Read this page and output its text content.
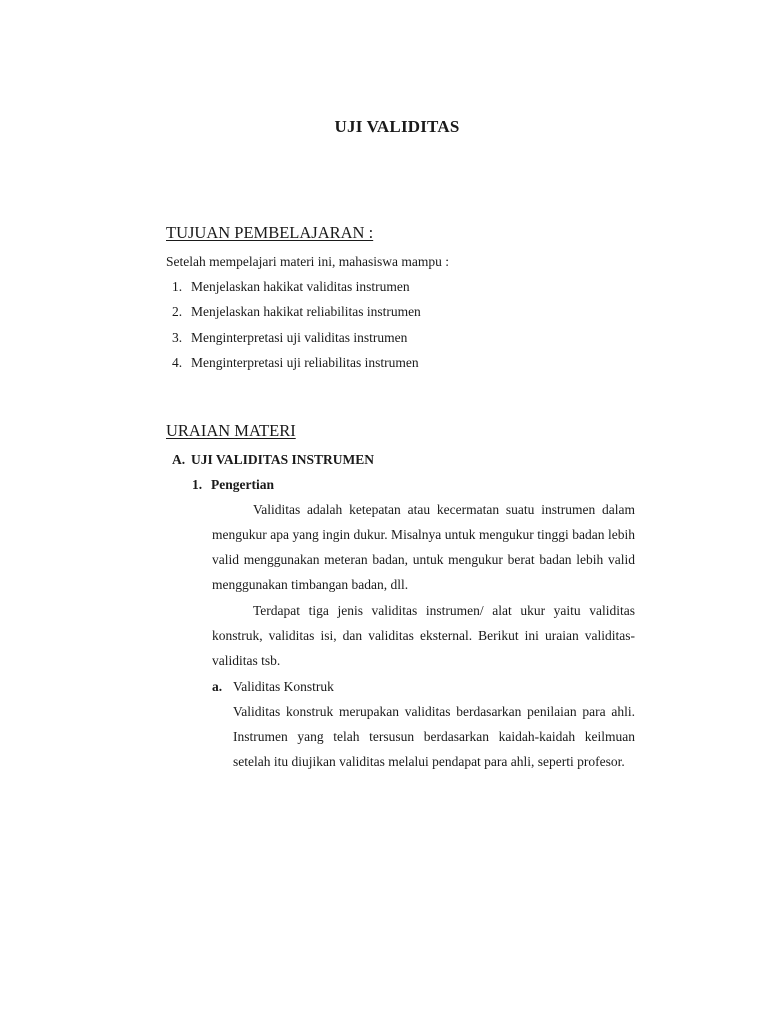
UJI VALIDITAS
TUJUAN PEMBELAJARAN :
Setelah mempelajari materi ini, mahasiswa mampu :
1. Menjelaskan hakikat validitas instrumen
2. Menjelaskan hakikat reliabilitas instrumen
3. Menginterpretasi uji validitas instrumen
4. Menginterpretasi uji reliabilitas instrumen
URAIAN MATERI
A. UJI VALIDITAS INSTRUMEN
1. Pengertian

Validitas adalah ketepatan atau kecermatan suatu instrumen dalam mengukur apa yang ingin dukur. Misalnya untuk mengukur tinggi badan lebih valid menggunakan meteran badan, untuk mengukur berat badan lebih valid menggunakan timbangan badan, dll.

Terdapat tiga jenis validitas instrumen/ alat ukur yaitu validitas konstruk, validitas isi, dan validitas eksternal. Berikut ini uraian validitas- validitas tsb.

a. Validitas Konstruk

Validitas konstruk merupakan validitas berdasarkan penilaian para ahli. Instrumen yang telah tersusun berdasarkan kaidah-kaidah keilmuan setelah itu diujikan validitas melalui pendapat para ahli, seperti profesor.
